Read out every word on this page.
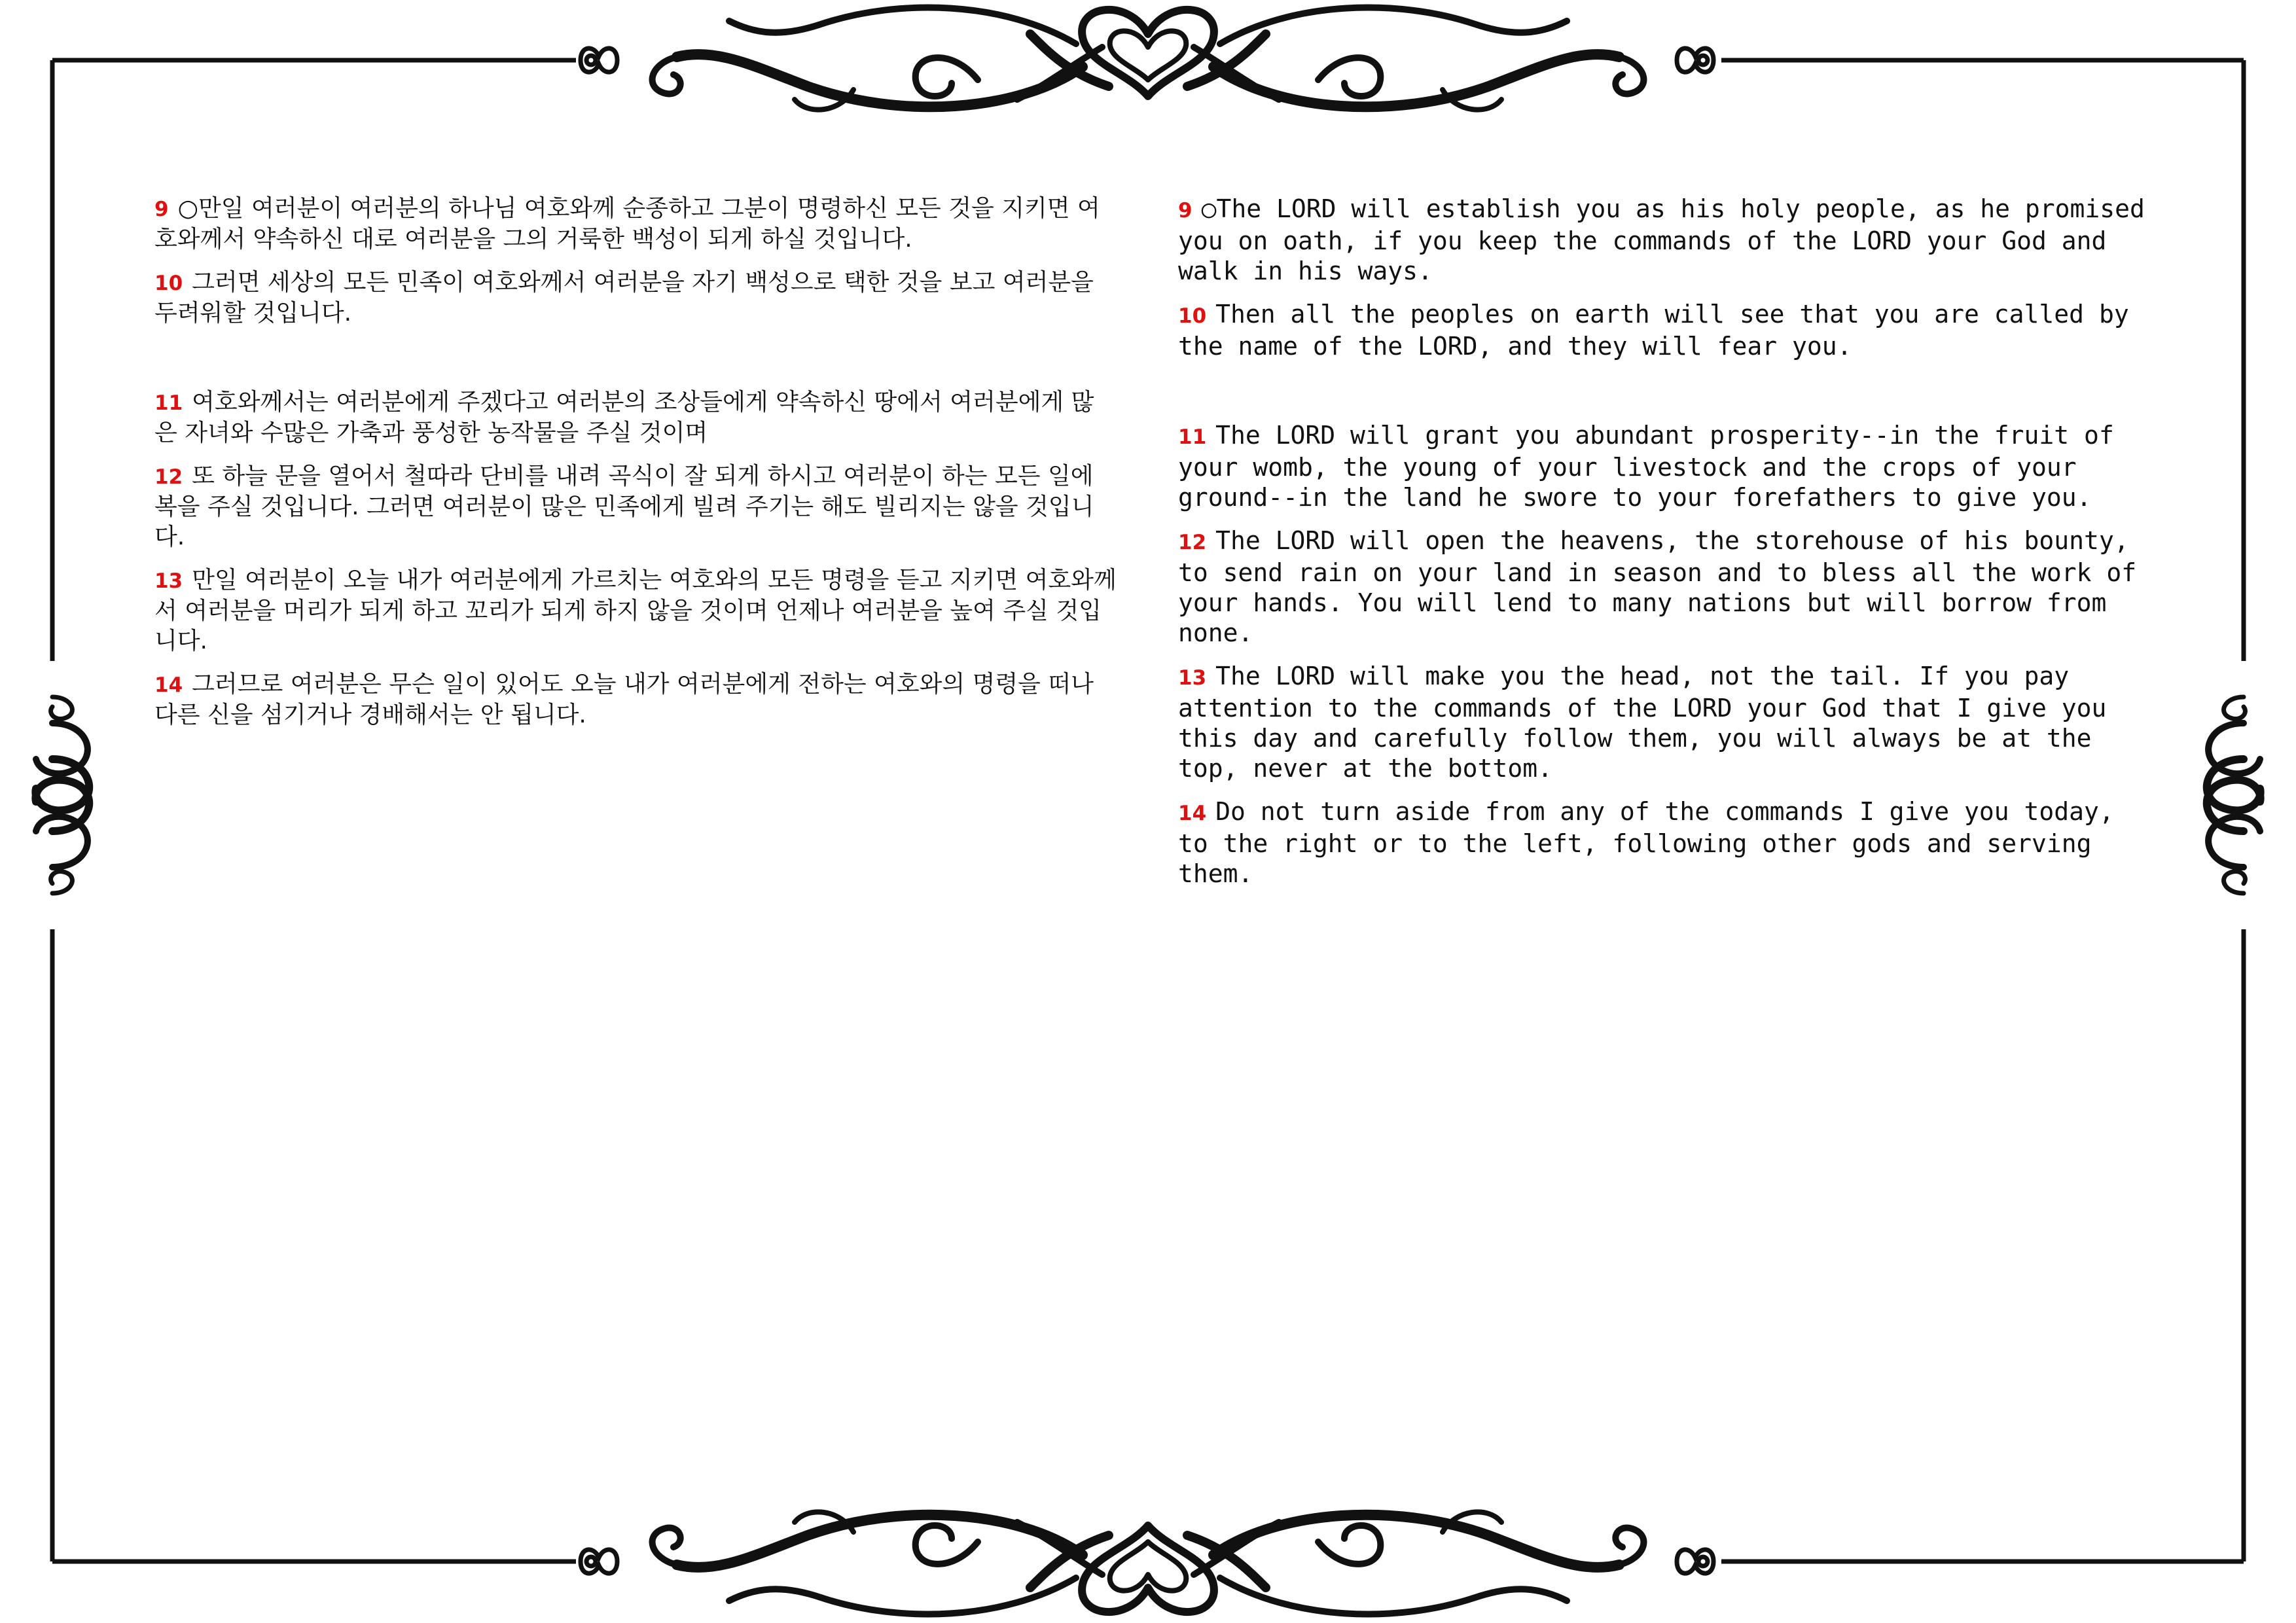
9 ○만일 여러분이 여러분의 하나님 여호와께 순종하고 그분이 명령하신 모든 것을 지키면 여호와께서 약속하신 대로 여러분을 그의 거룩한 백성이 되게 하실 것입니다.

10 그러면 세상의 모든 민족이 여호와께서 여러분을 자기 백성으로 택한 것을 보고 여러분을 두려워할 것입니다.

11 여호와께서는 여러분에게 주겠다고 여러분의 조상들에게 약속하신 땅에서 여러분에게 많은 자녀와 수많은 가축과 풍성한 농작물을 주실 것이며

12 또 하늘 문을 열어서 철따라 단비를 내려 곡식이 잘 되게 하시고 여러분이 하는 모든 일에 복을 주실 것입니다. 그러면 여러분이 많은 민족에게 빌려 주기는 해도 빌리지는 않을 것입니다.

13 만일 여러분이 오늘 내가 여러분에게 가르치는 여호와의 모든 명령을 듣고 지키면 여호와께서 여러분을 머리가 되게 하고 꼬리가 되게 하지 않을 것이며 언제나 여러분을 높여 주실 것입니다.

14 그러므로 여러분은 무슨 일이 있어도 오늘 내가 여러분에게 전하는 여호와의 명령을 떠나 다른 신을 섬기거나 경배해서는 안 됩니다.

9 ○The LORD will establish you as his holy people, as he promised you on oath, if you keep the commands of the LORD your God and walk in his ways.

10 Then all the peoples on earth will see that you are called by the name of the LORD, and they will fear you.

11 The LORD will grant you abundant prosperity--in the fruit of your womb, the young of your livestock and the crops of your ground--in the land he swore to your forefathers to give you.

12 The LORD will open the heavens, the storehouse of his bounty, to send rain on your land in season and to bless all the work of your hands. You will lend to many nations but will borrow from none.

13 The LORD will make you the head, not the tail. If you pay attention to the commands of the LORD your God that I give you this day and carefully follow them, you will always be at the top, never at the bottom.

14 Do not turn aside from any of the commands I give you today, to the right or to the left, following other gods and serving them.
